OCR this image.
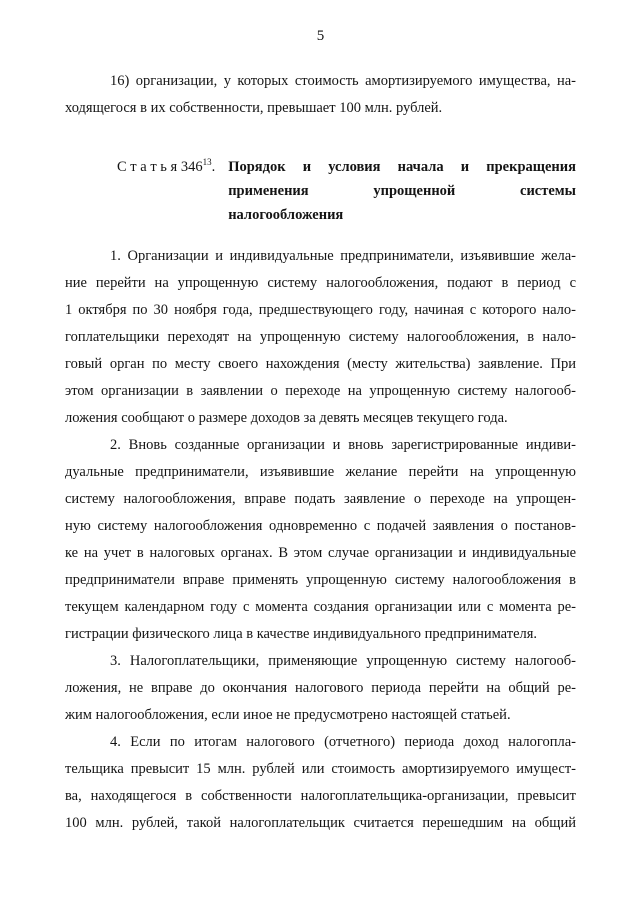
5
16) организации, у которых стоимость амортизируемого имущества, на-
ходящегося в их собственности, превышает 100 млн. рублей.
С т а т ь я $346^{13}$. Порядок и условия начала и прекращения
применения упрощенной системы
налогообложения
1. Организации и индивидуальные предприниматели, изъявившие жела-
ние перейти на упрощенную систему налогообложения, подают в период с
1 октября по 30 ноября года, предшествующего году, начиная с которого нало-
гоплательщики переходят на упрощенную систему налогообложения, в нало-
говый орган по месту своего нахождения (месту жительства) заявление. При
этом организации в заявлении о переходе на упрощенную систему налогооб-
ложения сообщают о размере доходов за девять месяцев текущего года.
2. Вновь созданные организации и вновь зарегистрированные индиви-
дуальные предприниматели, изъявившие желание перейти на упрощенную
систему налогообложения, вправе подать заявление о переходе на упрощен-
ную систему налогообложения одновременно с подачей заявления о постанов-
ке на учет в налоговых органах. В этом случае организации и индивидуальные
предприниматели вправе применять упрощенную систему налогообложения в
текущем календарном году с момента создания организации или с момента ре-
гистрации физического лица в качестве индивидуального предпринимателя.
3. Налогоплательщики, применяющие упрощенную систему налогооб-
ложения, не вправе до окончания налогового периода перейти на общий ре-
жим налогообложения, если иное не предусмотрено настоящей статьей.
4. Если по итогам налогового (отчетного) периода доход налогопла-
тельщика превысит 15 млн. рублей или стоимость амортизируемого имущест-
ва, находящегося в собственности налогоплательщика-организации, превысит
100 млн. рублей, такой налогоплательщик считается перешедшим на общий
